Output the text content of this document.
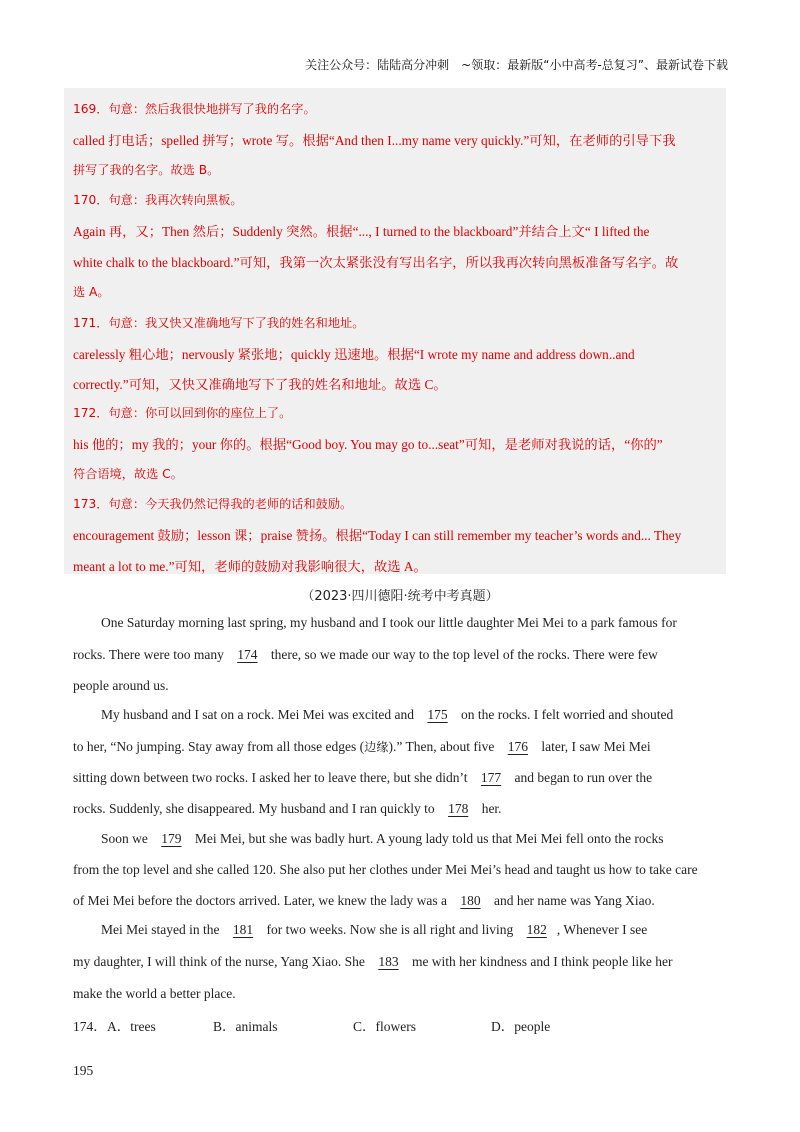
关注公众号：陆陆高分冲刺　~领取：最新版“小中高考-总复习”、最新试卷下载
169．句意：然后我很快地拼写了我的名字。
called 打电话；spelled 拼写；wrote 写。根据“And then I...my name very quickly.”可知，在老师的引导下我
拼写了我的名字。故选 B。
170．句意：我再次转向黑板。
Again 再，又；Then 然后；Suddenly 突然。根据“..., I turned to the blackboard”并结合上文“ I lifted the
white chalk to the blackboard.”可知，我第一次太紧张没有写出名字，所以我再次转向黑板准备写名字。故
选 A。
171．句意：我又快又准确地写下了我的姓名和地址。
carelessly 粗心地；nervously 紧张地；quickly 迅速地。根据“I wrote my name and address down..and
correctly.”可知，又快又准确地写下了我的姓名和地址。故选 C。
172．句意：你可以回到你的座位上了。
his 他的；my 我的；your 你的。根据“Good boy. You may go to...seat”可知，是老师对我说的话，“你的”
符合语境，故选 C。
173．句意：今天我仍然记得我的老师的话和鼓励。
encouragement 鼓励；lesson 课；praise 赞扬。根据“Today I can still remember my teacher’s words and... They
meant a lot to me.”可知，老师的鼓励对我影响很大，故选 A。
（2023·四川德阳·统考中考真题）
One Saturday morning last spring, my husband and I took our little daughter Mei Mei to a park famous for
rocks. There were too many 174 there, so we made our way to the top level of the rocks. There were few
people around us.
My husband and I sat on a rock. Mei Mei was excited and 175 on the rocks. I felt worried and shouted
to her, “No jumping. Stay away from all those edges (边缘).” Then, about five 176 later, I saw Mei Mei
sitting down between two rocks. I asked her to leave there, but she didn’t 177 and began to run over the
rocks. Suddenly, she disappeared. My husband and I ran quickly to 178 her.
Soon we 179 Mei Mei, but she was badly hurt. A young lady told us that Mei Mei fell onto the rocks
from the top level and she called 120. She also put her clothes under Mei Mei’s head and taught us how to take care
of Mei Mei before the doctors arrived. Later, we knew the lady was a 180 and her name was Yang Xiao.
Mei Mei stayed in the 181 for two weeks. Now she is all right and living 182 , Whenever I see
my daughter, I will think of the nurse, Yang Xiao. She 183 me with her kindness and I think people like her
make the world a better place.
174． A．trees	B．animals	C．flowers	D．people
195
